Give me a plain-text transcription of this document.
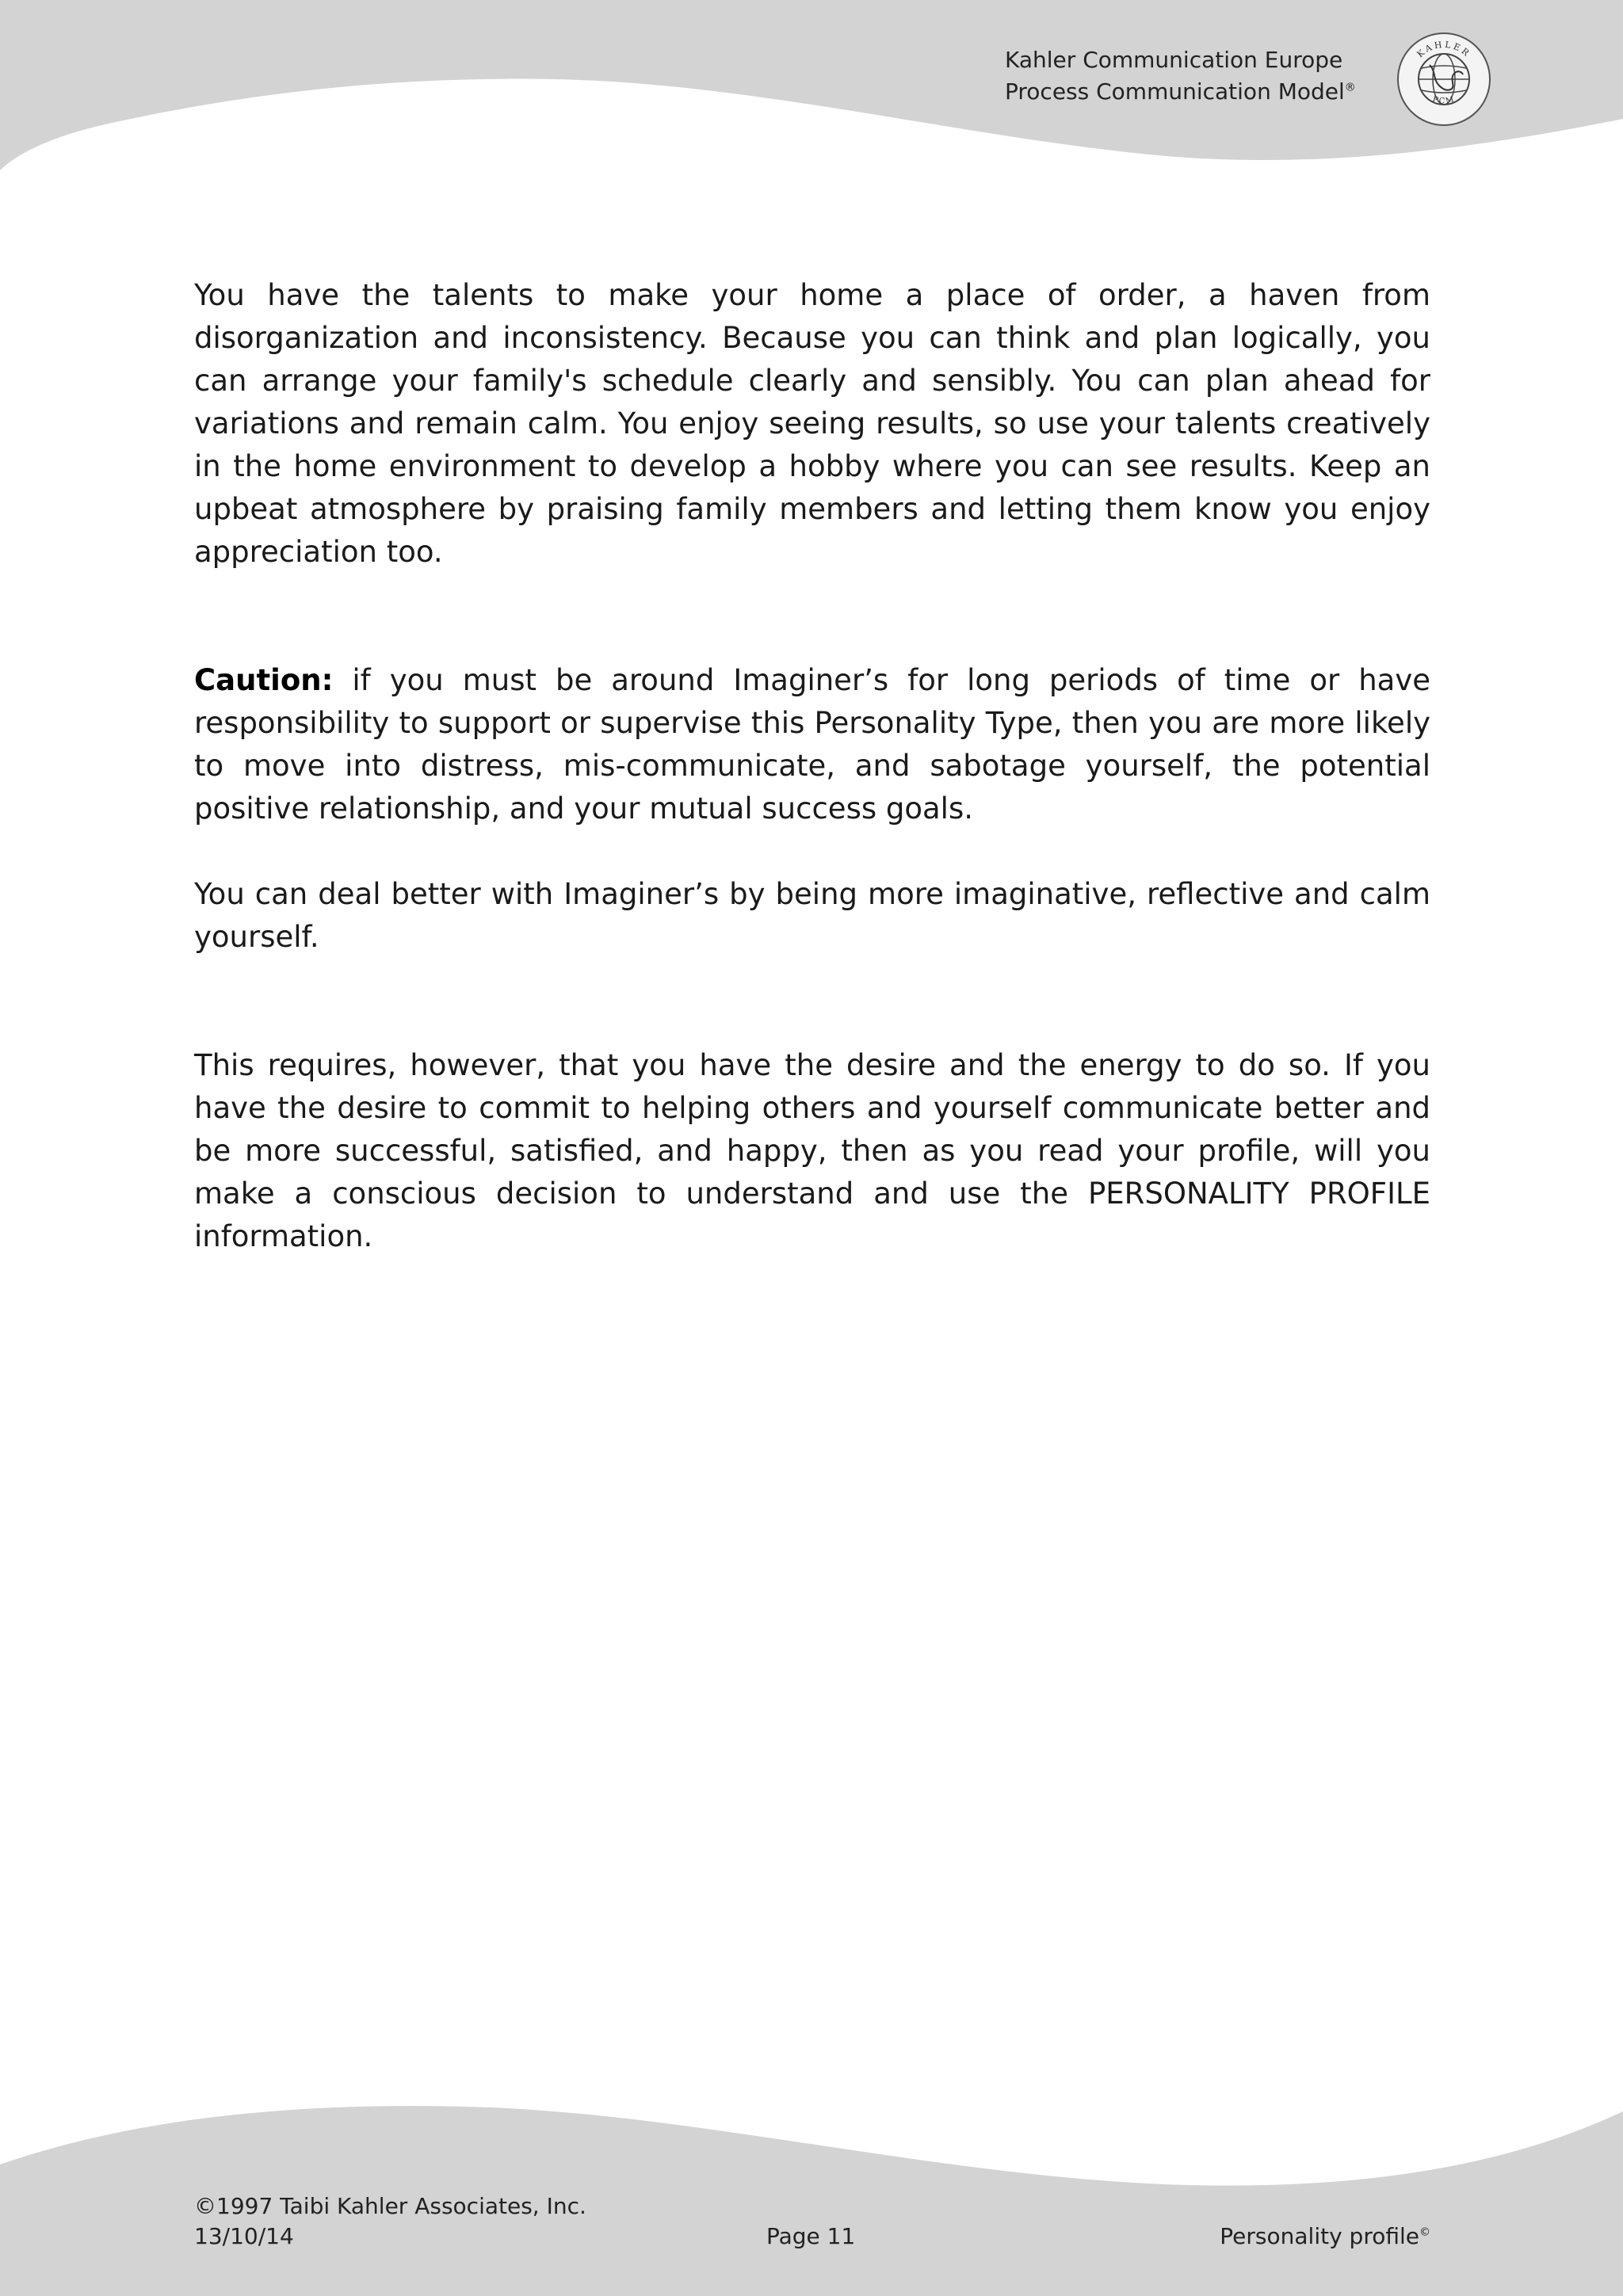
Kahler Communication Europe
Process Communication Model®
KAHLER
PCM

You have the talents to make your home a place of order, a haven from disorganization and inconsistency. Because you can think and plan logically, you can arrange your family's schedule clearly and sensibly. You can plan ahead for variations and remain calm. You enjoy seeing results, so use your talents creatively in the home environment to develop a hobby where you can see results. Keep an upbeat atmosphere by praising family members and letting them know you enjoy appreciation too.

Caution: if you must be around Imaginer’s for long periods of time or have responsibility to support or supervise this Personality Type, then you are more likely to move into distress, mis-communicate, and sabotage yourself, the potential positive relationship, and your mutual success goals.

You can deal better with Imaginer’s by being more imaginative, reflective and calm yourself.

This requires, however, that you have the desire and the energy to do so. If you have the desire to commit to helping others and yourself communicate better and be more successful, satisfied, and happy, then as you read your profile, will you make a conscious decision to understand and use the PERSONALITY PROFILE information.

©1997 Taibi Kahler Associates, Inc.
13/10/14	Page 11	Personality profile©
